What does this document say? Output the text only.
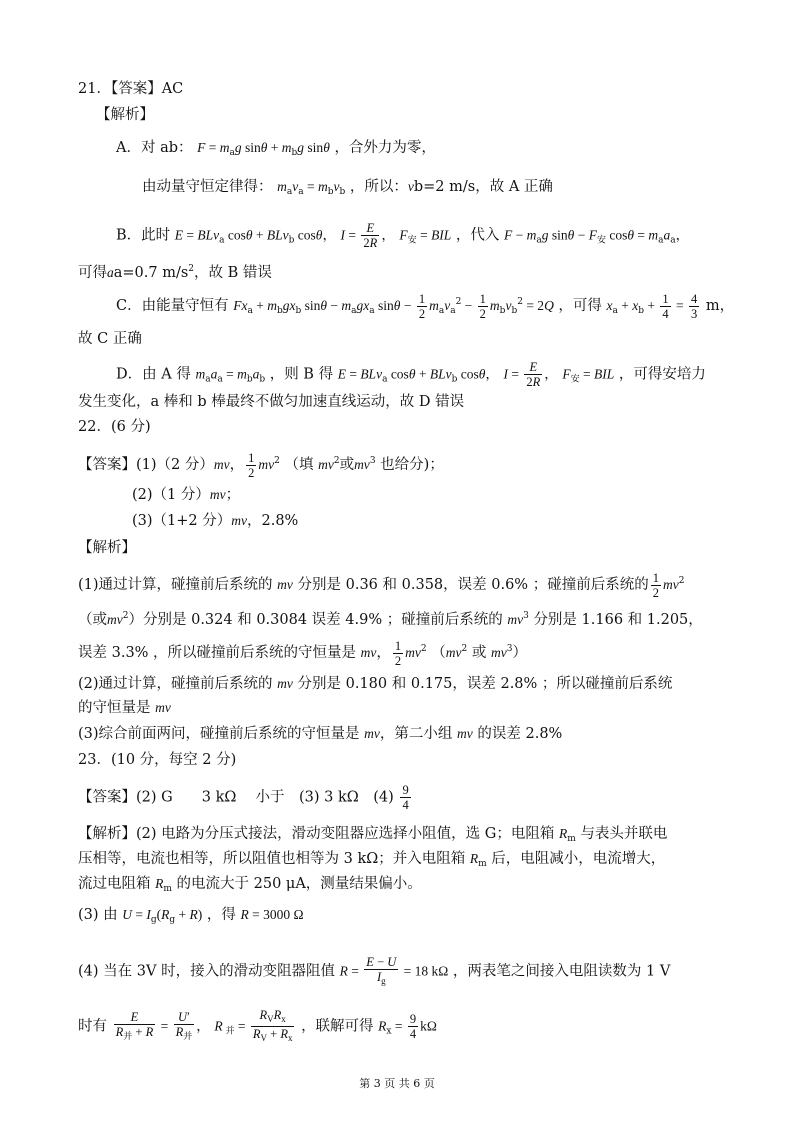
21．【答案】AC
【解析】
A．对 ab： $F = m_ag$ $\sin\theta + m_bg$ sinθ ，合外力为零，
由动量守恒定律得： $m_av_a = m_bv_b$ ，所以：vb=2 m/s，故 A 正确
B．此时 E = BLv$_a$ cosθ + BLv$_b$ cosθ， $I = \frac{E}{2R}$ ， $F_安$ = BIL ，代入 $F - m_ag$ $\sin\theta - F_安$ $\cos\theta = m_aa_a$，
可得aa=0.7 $m/s^2$，故 B 错误
C．由能量守恒有 $Fx_a + m_bgx_b$ $\sin\theta - m_agx_a$ $\sin\theta - \frac{1}{2} m_av_a^2 - \frac{1}{2} m_bv_b^2 = 2Q$ ，可得 $x_a + x_b + \frac{1}{4} = \frac{4}{3}$ m，
故 C 正确
D．由 A 得 $m_aa_a = m_ba_b$ ，则 B 得 E = BLv$_a$ cosθ + BLv$_b$ cosθ， $I = \frac{E}{2R}$ ， $F_安$ = BIL ，可得安培力
发生变化，a 棒和 b 棒最终不做匀加速直线运动，故 D 错误
22．(6 分)
【答案】(1)（2 分）mv， $\frac{1}{2} mv^2$ （填 $mv^2$或$mv^3$ 也给分)；
(2)（1 分）mv；
(3)（1+2 分）mv，2.8%
【解析】
(1)通过计算，碰撞前后系统的 mv 分别是 0.36 和 0.358，误差 0.6% ；碰撞前后系统的 $\frac{1}{2} mv^2$
（或$mv^2$）分别是 0.324 和 0.3084 误差 4.9% ；碰撞前后系统的 $mv^3$ 分别是 1.166 和 1.205，
误差 3.3% ，所以碰撞前后系统的守恒量是 mv， $\frac{1}{2} mv^2$ （$mv^2$ 或 $mv^3$）
(2)通过计算，碰撞前后系统的 mv 分别是 0.180 和 0.175，误差 2.8% ；所以碰撞前后系统
的守恒量是 mv
(3)综合前面两问，碰撞前后系统的守恒量是 mv，第二小组 mv 的误差 2.8%
23．(10 分，每空 2 分)
【答案】(2) G　　3 kΩ　 小于　(3) 3 kΩ　$(4) \frac{9}{4}$
【解析】(2) 电路为分压式接法，滑动变阻器应选择小阻值，选 G；电阻箱 $R_m$ 与表头并联电
压相等，电流也相等，所以阻值也相等为 3 kΩ；并入电阻箱 $R_m$ 后，电阻减小，电流增大，
流过电阻箱 $R_m$ 的电流大于 250 μA，测量结果偏小。
(3) 由 $U = I_g(R_g + R)$ ，得 R = 3000 Ω
(4) 当在 3V 时，接入的滑动变阻器阻值 $R = \frac{E - U}{I_g} = 18$ kΩ ，两表笔之间接入电阻读数为 1 V
时有 $\frac{E}{R_并 + R} = \frac{U'}{R_并}$ ， R $_并 = \frac{R_VR_x}{R_V + R_x}$ ，联解可得 $R_x = \frac{9}{4}$ kΩ
第 3 页 共 6 页
